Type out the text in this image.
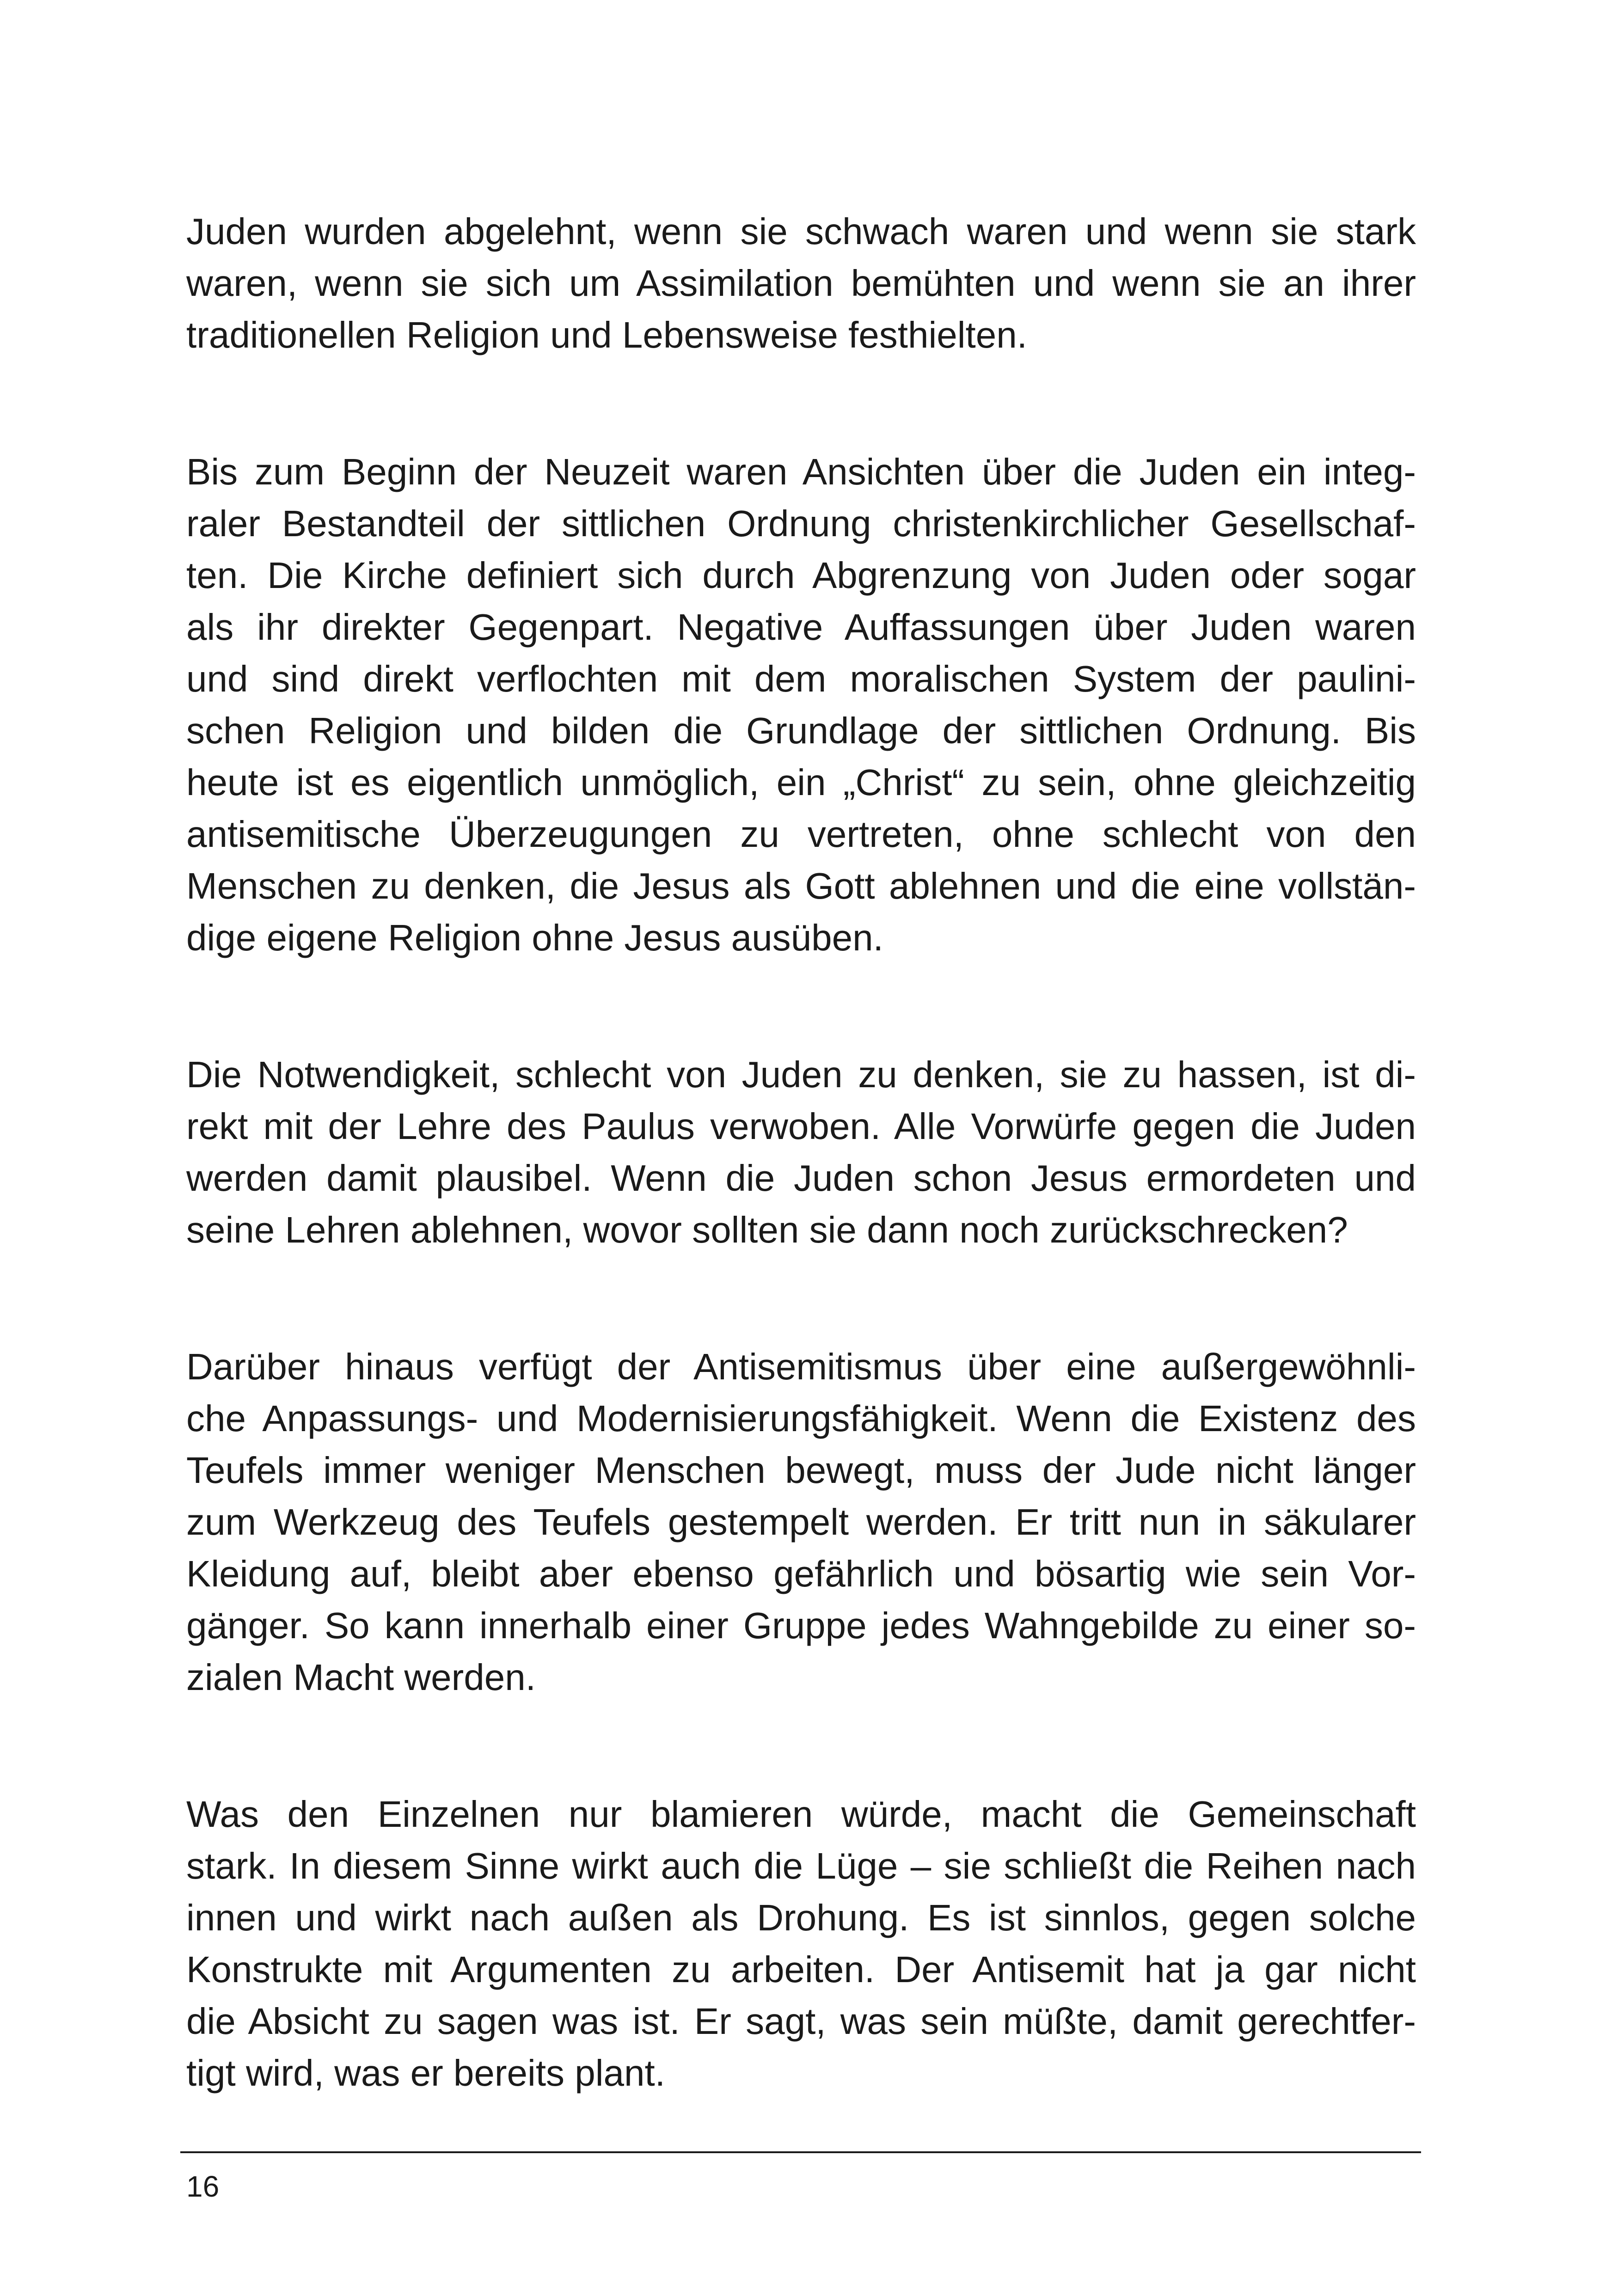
Juden wurden abgelehnt, wenn sie schwach waren und wenn sie stark
waren, wenn sie sich um Assimilation bemühten und wenn sie an ihrer
traditionellen Religion und Lebensweise festhielten.
Bis zum Beginn der Neuzeit waren Ansichten über die Juden ein integ-
raler Bestandteil der sittlichen Ordnung christenkirchlicher Gesellschaf-
ten. Die Kirche definiert sich durch Abgrenzung von Juden oder sogar
als ihr direkter Gegenpart. Negative Auffassungen über Juden waren
und sind direkt verflochten mit dem moralischen System der paulini-
schen Religion und bilden die Grundlage der sittlichen Ordnung. Bis
heute ist es eigentlich unmöglich, ein „Christ“ zu sein, ohne gleichzeitig
antisemitische Überzeugungen zu vertreten, ohne schlecht von den
Menschen zu denken, die Jesus als Gott ablehnen und die eine vollstän-
dige eigene Religion ohne Jesus ausüben.
Die Notwendigkeit, schlecht von Juden zu denken, sie zu hassen, ist di-
rekt mit der Lehre des Paulus verwoben. Alle Vorwürfe gegen die Juden
werden damit plausibel. Wenn die Juden schon Jesus ermordeten und
seine Lehren ablehnen, wovor sollten sie dann noch zurückschrecken?
Darüber hinaus verfügt der Antisemitismus über eine außergewöhnli-
che Anpassungs- und Modernisierungsfähigkeit. Wenn die Existenz des
Teufels immer weniger Menschen bewegt, muss der Jude nicht länger
zum Werkzeug des Teufels gestempelt werden. Er tritt nun in säkularer
Kleidung auf, bleibt aber ebenso gefährlich und bösartig wie sein Vor-
gänger. So kann innerhalb einer Gruppe jedes Wahngebilde zu einer so-
zialen Macht werden.
Was den Einzelnen nur blamieren würde, macht die Gemeinschaft
stark. In diesem Sinne wirkt auch die Lüge – sie schließt die Reihen nach
innen und wirkt nach außen als Drohung. Es ist sinnlos, gegen solche
Konstrukte mit Argumenten zu arbeiten. Der Antisemit hat ja gar nicht
die Absicht zu sagen was ist. Er sagt, was sein müßte, damit gerechtfer-
tigt wird, was er bereits plant.
16
